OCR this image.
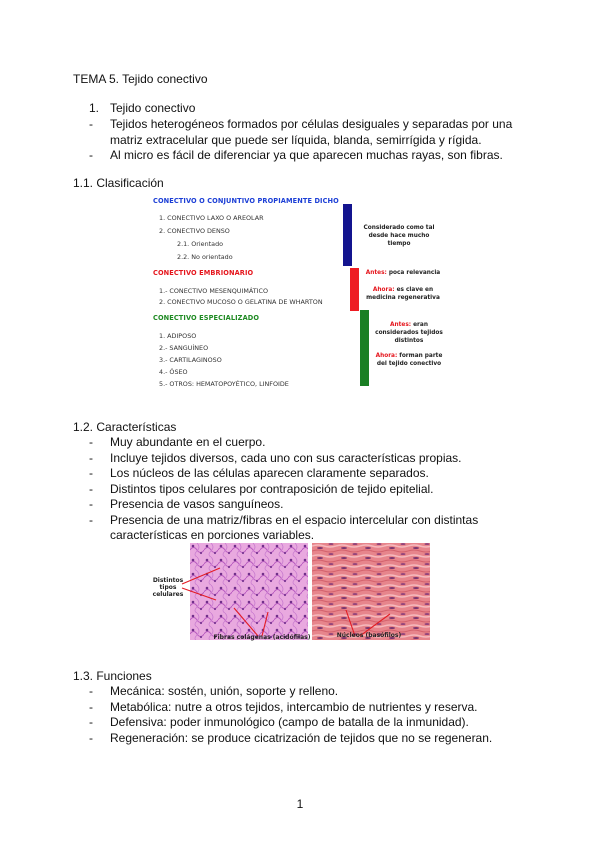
TEMA 5. Tejido conectivo
1. Tejido conectivo
- Tejidos heterogéneos formados por células desiguales y separadas por una matriz extracelular que puede ser líquida, blanda, semirrígida y rígida.
- Al micro es fácil de diferenciar ya que aparecen muchas rayas, son fibras.
1.1. Clasificación
CONECTIVO O CONJUNTIVO PROPIAMENTE DICHO
1. CONECTIVO LAXO O AREOLAR
2. CONECTIVO DENSO
2.1. Orientado
2.2. No orientado
Considerado como tal desde hace mucho tiempo
CONECTIVO EMBRIONARIO
1.- CONECTIVO MESENQUIMÁTICO
2. CONECTIVO MUCOSO O GELATINA DE WHARTON
Antes: poca relevancia
Ahora: es clave en medicina regenerativa
CONECTIVO ESPECIALIZADO
1. ADIPOSO
2.- SANGUÍNEO
3.- CARTILAGINOSO
4.- ÓSEO
5.- OTROS: HEMATOPOYÉTICO, LINFOIDE
Antes: eran considerados tejidos distintos
Ahora: forman parte del tejido conectivo
1.2. Características
- Muy abundante en el cuerpo.
- Incluye tejidos diversos, cada uno con sus características propias.
- Los núcleos de las células aparecen claramente separados.
- Distintos tipos celulares por contraposición de tejido epitelial.
- Presencia de vasos sanguíneos.
- Presencia de una matriz/fibras en el espacio intercelular con distintas características en porciones variables.
Distintos tipos celulares
Fibras colágenas (acidófilas)	Núcleos (basófilos)
1.3. Funciones
- Mecánica: sostén, unión, soporte y relleno.
- Metabólica: nutre a otros tejidos, intercambio de nutrientes y reserva.
- Defensiva: poder inmunológico (campo de batalla de la inmunidad).
- Regeneración: se produce cicatrización de tejidos que no se regeneran.
1
